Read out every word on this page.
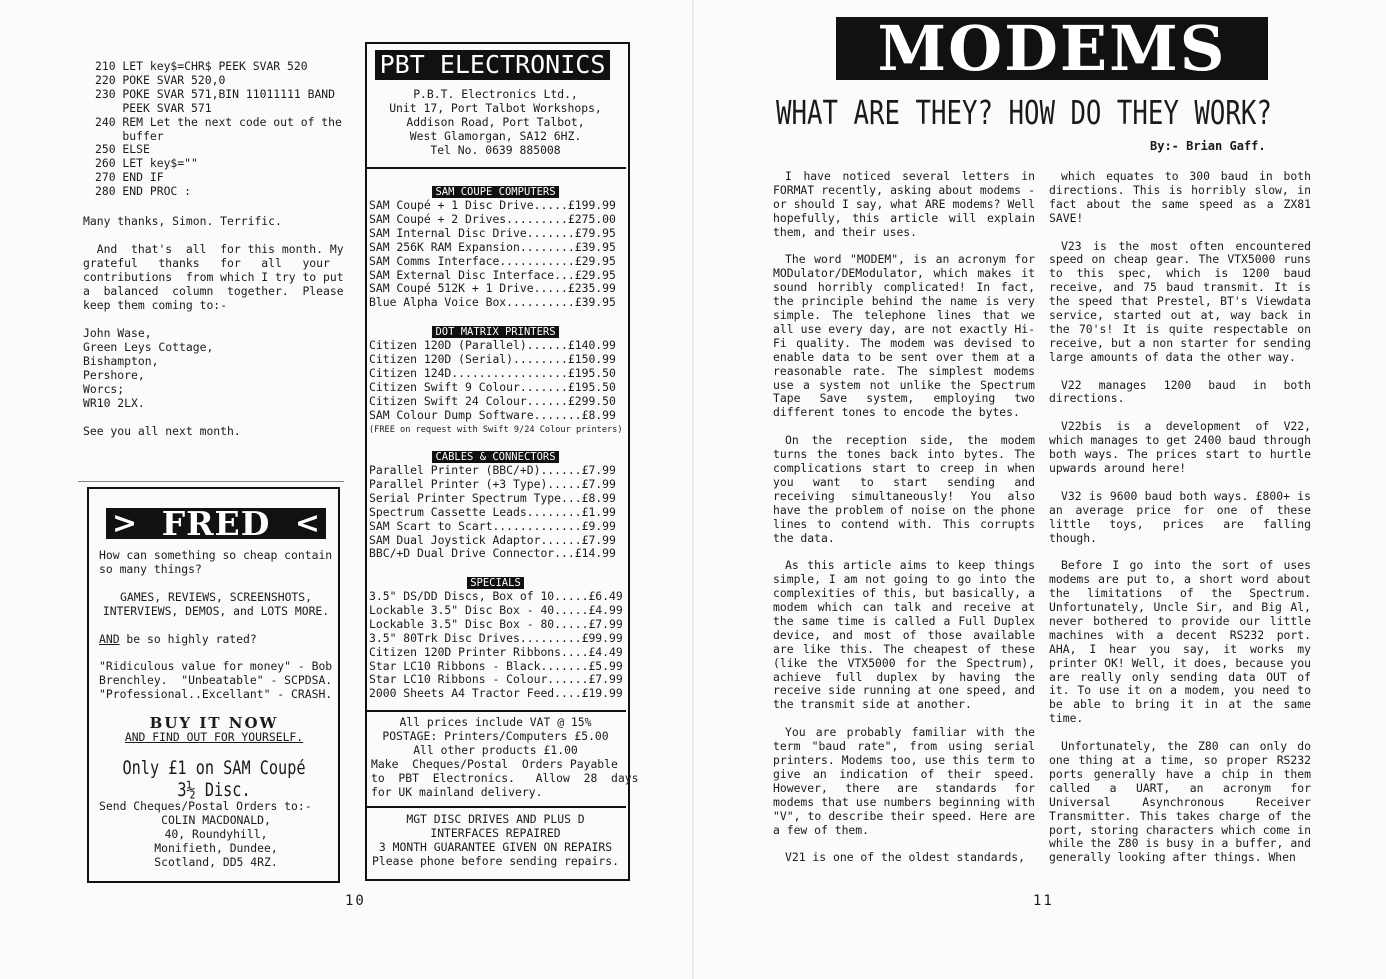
210 LET key$=CHR$ PEEK SVAR 520
220 POKE SVAR 520,0
230 POKE SVAR 571,BIN 11011111 BAND
PEEK SVAR 571
240 REM Let the next code out of the
buffer
250 ELSE
260 LET key$=""
270 END IF
280 END PROC :
Many thanks, Simon. Terrific.
And  that's  all  for this month. My
grateful   thanks   for   all   your
contributions  from which I try to put
a  balanced  column  together.  Please
keep them coming to:-
John Wase,
Green Leys Cottage,
Bishampton,
Pershore,
Worcs;
WR10 2LX.
See you all next month.
> FRED <
How can something so cheap contain
so many things?
GAMES, REVIEWS, SCREENSHOTS,
INTERVIEWS, DEMOS, and LOTS MORE.
AND be so highly rated?
"Ridiculous value for money" - Bob
Brenchley.  "Unbeatable" - SCPDSA.
"Professional..Excellant" - CRASH.
BUY IT NOW
AND FIND OUT FOR YOURSELF.
Only £1 on SAM Coupé 3½ Disc.
Send Cheques/Postal Orders to:-
COLIN MACDONALD,
40, Roundyhill,
Monifieth, Dundee,
Scotland, DD5 4RZ.
10
PBT ELECTRONICS
P.B.T. Electronics Ltd.,
Unit 17, Port Talbot Workshops,
Addison Road, Port Talbot,
West Glamorgan, SA12 6HZ.
Tel No. 0639 885008
SAM COUPE COMPUTERS
SAM Coupé + 1 Disc Drive.....£199.99
SAM Coupé + 2 Drives.........£275.00
SAM Internal Disc Drive.......£79.95
SAM 256K RAM Expansion........£39.95
SAM Comms Interface...........£29.95
SAM External Disc Interface...£29.95
SAM Coupé 512K + 1 Drive.....£235.99
Blue Alpha Voice Box..........£39.95
DOT MATRIX PRINTERS
Citizen 120D (Parallel)......£140.99
Citizen 120D (Serial)........£150.99
Citizen 124D.................£195.50
Citizen Swift 9 Colour.......£195.50
Citizen Swift 24 Colour......£299.50
SAM Colour Dump Software.......£8.99
(FREE on request with Swift 9/24 Colour printers)
CABLES & CONNECTORS
Parallel Printer (BBC/+D)......£7.99
Parallel Printer (+3 Type).....£7.99
Serial Printer Spectrum Type...£8.99
Spectrum Cassette Leads........£1.99
SAM Scart to Scart.............£9.99
SAM Dual Joystick Adaptor......£7.99
BBC/+D Dual Drive Connector...£14.99
SPECIALS
3.5" DS/DD Discs, Box of 10.....£6.49
Lockable 3.5" Disc Box - 40.....£4.99
Lockable 3.5" Disc Box - 80.....£7.99
3.5" 80Trk Disc Drives.........£99.99
Citizen 120D Printer Ribbons....£4.49
Star LC10 Ribbons - Black.......£5.99
Star LC10 Ribbons - Colour......£7.99
2000 Sheets A4 Tractor Feed....£19.99
All prices include VAT @ 15%
POSTAGE: Printers/Computers £5.00
All other products £1.00
Make  Cheques/Postal  Orders Payable
to  PBT  Electronics.   Allow  28  days
for UK mainland delivery.
MGT DISC DRIVES AND PLUS D
INTERFACES REPAIRED
3 MONTH GUARANTEE GIVEN ON REPAIRS
Please phone before sending repairs.
MODEMS
WHAT ARE THEY? HOW DO THEY WORK?
By:- Brian Gaff.

I have noticed several letters in FORMAT recently, asking about modems - or should I say, what ARE modems? Well hopefully, this article will explain them, and their uses.

The word "MODEM", is an acronym for MODulator/DEModulator, which makes it sound horribly complicated! In fact, the principle behind the name is very simple. The telephone lines that we all use every day, are not exactly Hi-Fi quality. The modem was devised to enable data to be sent over them at a reasonable rate. The simplest modems use a system not unlike the Spectrum Tape Save system, employing two different tones to encode the bytes.

On the reception side, the modem turns the tones back into bytes. The complications start to creep in when you want to start sending and receiving simultaneously! You also have the problem of noise on the phone lines to contend with. This corrupts the data.

As this article aims to keep things simple, I am not going to go into the complexities of this, but basically, a modem which can talk and receive at the same time is called a Full Duplex device, and most of those available are like this. The cheapest of these (like the VTX5000 for the Spectrum), achieve full duplex by having the receive side running at one speed, and the transmit side at another.

You are probably familiar with the term "baud rate", from using serial printers. Modems too, use this term to give an indication of their speed. However, there are standards for modems that use numbers beginning with "V", to describe their speed. Here are a few of them.

V21 is one of the oldest standards,

which equates to 300 baud in both directions. This is horribly slow, in fact about the same speed as a ZX81 SAVE!

V23 is the most often encountered speed on cheap gear. The VTX5000 runs to this spec, which is 1200 baud receive, and 75 baud transmit. It is the speed that Prestel, BT's Viewdata service, started out at, way back in the 70's! It is quite respectable on receive, but a non starter for sending large amounts of data the other way.

V22 manages 1200 baud in both directions.

V22bis is a development of V22, which manages to get 2400 baud through both ways. The prices start to hurtle upwards around here!

V32 is 9600 baud both ways. £800+ is an average price for one of these little toys, prices are falling though.

Before I go into the sort of uses modems are put to, a short word about the limitations of the Spectrum. Unfortunately, Uncle Sir, and Big Al, never bothered to provide our little machines with a decent RS232 port. AHA, I hear you say, it works my printer OK! Well, it does, because you are really only sending data OUT of it. To use it on a modem, you need to be able to bring it in at the same time.

Unfortunately, the Z80 can only do one thing at a time, so proper RS232 ports generally have a chip in them called a UART, an acronym for Universal Asynchronous Receiver Transmitter. This takes charge of the port, storing characters which come in while the Z80 is busy in a buffer, and generally looking after things. When

11
